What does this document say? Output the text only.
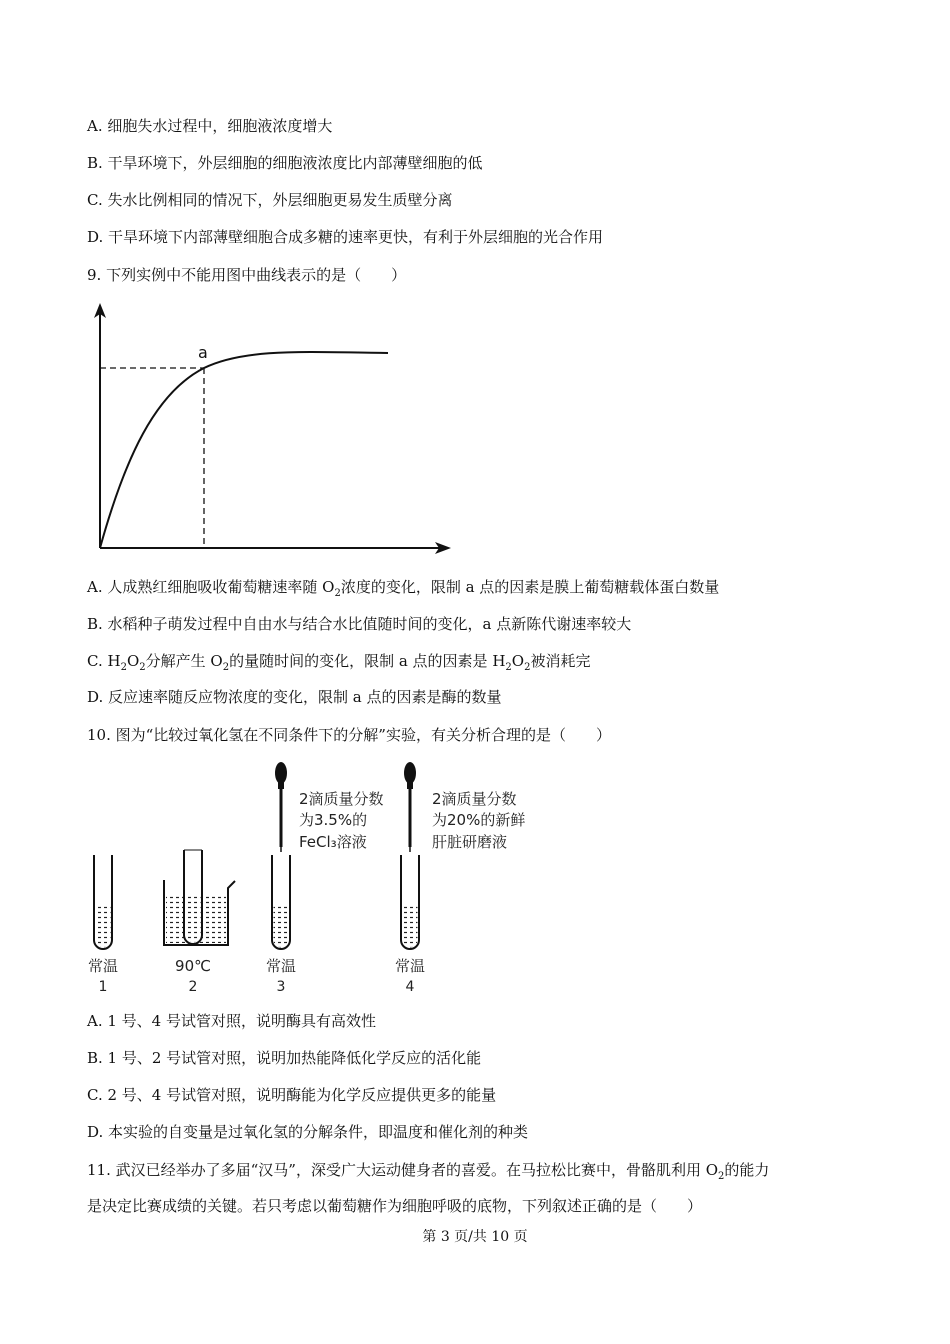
A. 细胞失水过程中，细胞液浓度增大
B. 干旱环境下，外层细胞的细胞液浓度比内部薄壁细胞的低
C. 失水比例相同的情况下，外层细胞更易发生质壁分离
D. 干旱环境下内部薄壁细胞合成多糖的速率更快，有利于外层细胞的光合作用
9. 下列实例中不能用图中曲线表示的是（　　）
a
A. 人成熟红细胞吸收葡萄糖速率随 $O_2$浓度的变化，限制 a 点的因素是膜上葡萄糖载体蛋白数量
B. 水稻种子萌发过程中自由水与结合水比值随时间的变化，a 点新陈代谢速率较大
C. $H_2O_2$分解产生 $O_2$的量随时间的变化，限制 a 点的因素是 $H_2O_2$被消耗完
D. 反应速率随反应物浓度的变化，限制 a 点的因素是酶的数量
10. 图为“比较过氧化氢在不同条件下的分解”实验，有关分析合理的是（　　）
2滴质量分数
为3.5%的
FeCl₃溶液
2滴质量分数
为20%的新鲜
肝脏研磨液
常温
1
90℃
2
常温
3
常温
4
A. 1 号、4 号试管对照，说明酶具有高效性
B. 1 号、2 号试管对照，说明加热能降低化学反应的活化能
C. 2 号、4 号试管对照，说明酶能为化学反应提供更多的能量
D. 本实验的自变量是过氧化氢的分解条件，即温度和催化剂的种类
11. 武汉已经举办了多届“汉马”，深受广大运动健身者的喜爱。在马拉松比赛中，骨骼肌利用 $O_2$的能力
是决定比赛成绩的关键。若只考虑以葡萄糖作为细胞呼吸的底物，下列叙述正确的是（　　）
第 3 页/共 10 页
